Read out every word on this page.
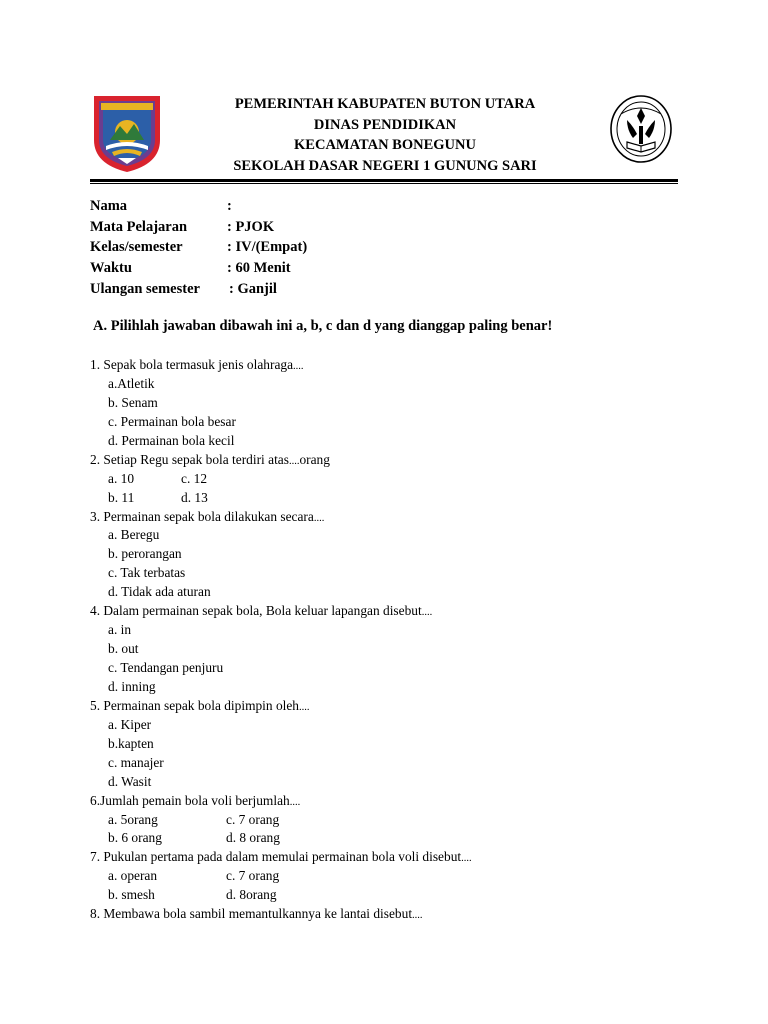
PEMERINTAH KABUPATEN BUTON UTARA
DINAS PENDIDIKAN
KECAMATAN BONEGUNU
SEKOLAH DASAR NEGERI 1 GUNUNG SARI
Nama	:
Mata Pelajaran	: PJOK
Kelas/semester	: IV/(Empat)
Waktu	: 60 Menit
Ulangan semester : Ganjil
A. Pilihlah jawaban dibawah ini a, b, c dan d yang dianggap paling benar!
1. Sepak bola termasuk jenis olahraga....
a.Atletik
b. Senam
c. Permainan bola besar
d. Permainan bola kecil
2. Setiap Regu sepak bola terdiri atas....orang
a. 10	c. 12
b. 11	d. 13
3. Permainan sepak bola dilakukan secara....
a. Beregu
b. perorangan
c. Tak terbatas
d. Tidak ada aturan
4. Dalam permainan sepak bola, Bola keluar lapangan disebut....
a. in
b. out
c. Tendangan penjuru
d. inning
5. Permainan sepak bola dipimpin oleh....
a. Kiper
b.kapten
c. manajer
d. Wasit
6.Jumlah pemain bola voli berjumlah....
a. 5orang	c. 7 orang
b. 6 orang	d. 8 orang
7. Pukulan pertama pada dalam memulai permainan bola voli disebut....
a. operan	c. 7 orang
b. smesh	d. 8orang
8. Membawa bola sambil memantulkannya ke lantai disebut....
